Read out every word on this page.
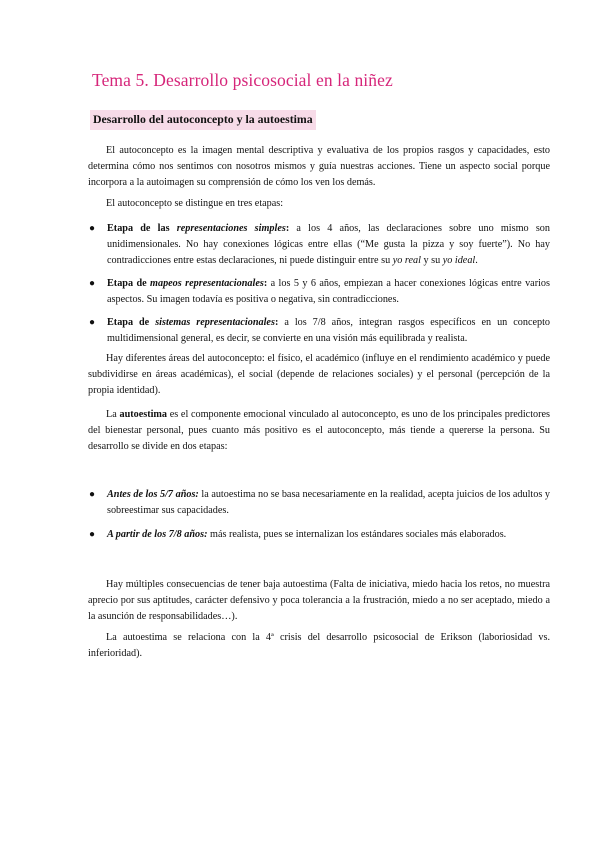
Tema 5. Desarrollo psicosocial en la niñez
Desarrollo del autoconcepto y la autoestima

El autoconcepto es la imagen mental descriptiva y evaluativa de los propios rasgos y capacidades, esto determina cómo nos sentimos con nosotros mismos y guía nuestras acciones. Tiene un aspecto social porque incorpora a la autoimagen su comprensión de cómo los ven los demás.

El autoconcepto se distingue en tres etapas:

● Etapa de las representaciones simples: a los 4 años, las declaraciones sobre uno mismo son unidimensionales. No hay conexiones lógicas entre ellas (“Me gusta la pizza y soy fuerte”). No hay contradicciones entre estas declaraciones, ni puede distinguir entre su yo real y su yo ideal.
● Etapa de mapeos representacionales: a los 5 y 6 años, empiezan a hacer conexiones lógicas entre varios aspectos. Su imagen todavía es positiva o negativa, sin contradicciones.
● Etapa de sistemas representacionales: a los 7/8 años, integran rasgos específicos en un concepto multidimensional general, es decir, se convierte en una visión más equilibrada y realista.

Hay diferentes áreas del autoconcepto: el físico, el académico (influye en el rendimiento académico y puede subdividirse en áreas académicas), el social (depende de relaciones sociales) y el personal (percepción de la propia identidad).

La autoestima es el componente emocional vinculado al autoconcepto, es uno de los principales predictores del bienestar personal, pues cuanto más positivo es el autoconcepto, más tiende a quererse la persona. Su desarrollo se divide en dos etapas:

● Antes de los 5/7 años: la autoestima no se basa necesariamente en la realidad, acepta juicios de los adultos y sobreestimar sus capacidades.
● A partir de los 7/8 años: más realista, pues se internalizan los estándares sociales más elaborados.

Hay múltiples consecuencias de tener baja autoestima (Falta de iniciativa, miedo hacia los retos, no muestra aprecio por sus aptitudes, carácter defensivo y poca tolerancia a la frustración, miedo a no ser aceptado, miedo a la asunción de responsabilidades…).

La autoestima se relaciona con la 4ª crisis del desarrollo psicosocial de Erikson (laboriosidad vs. inferioridad).
